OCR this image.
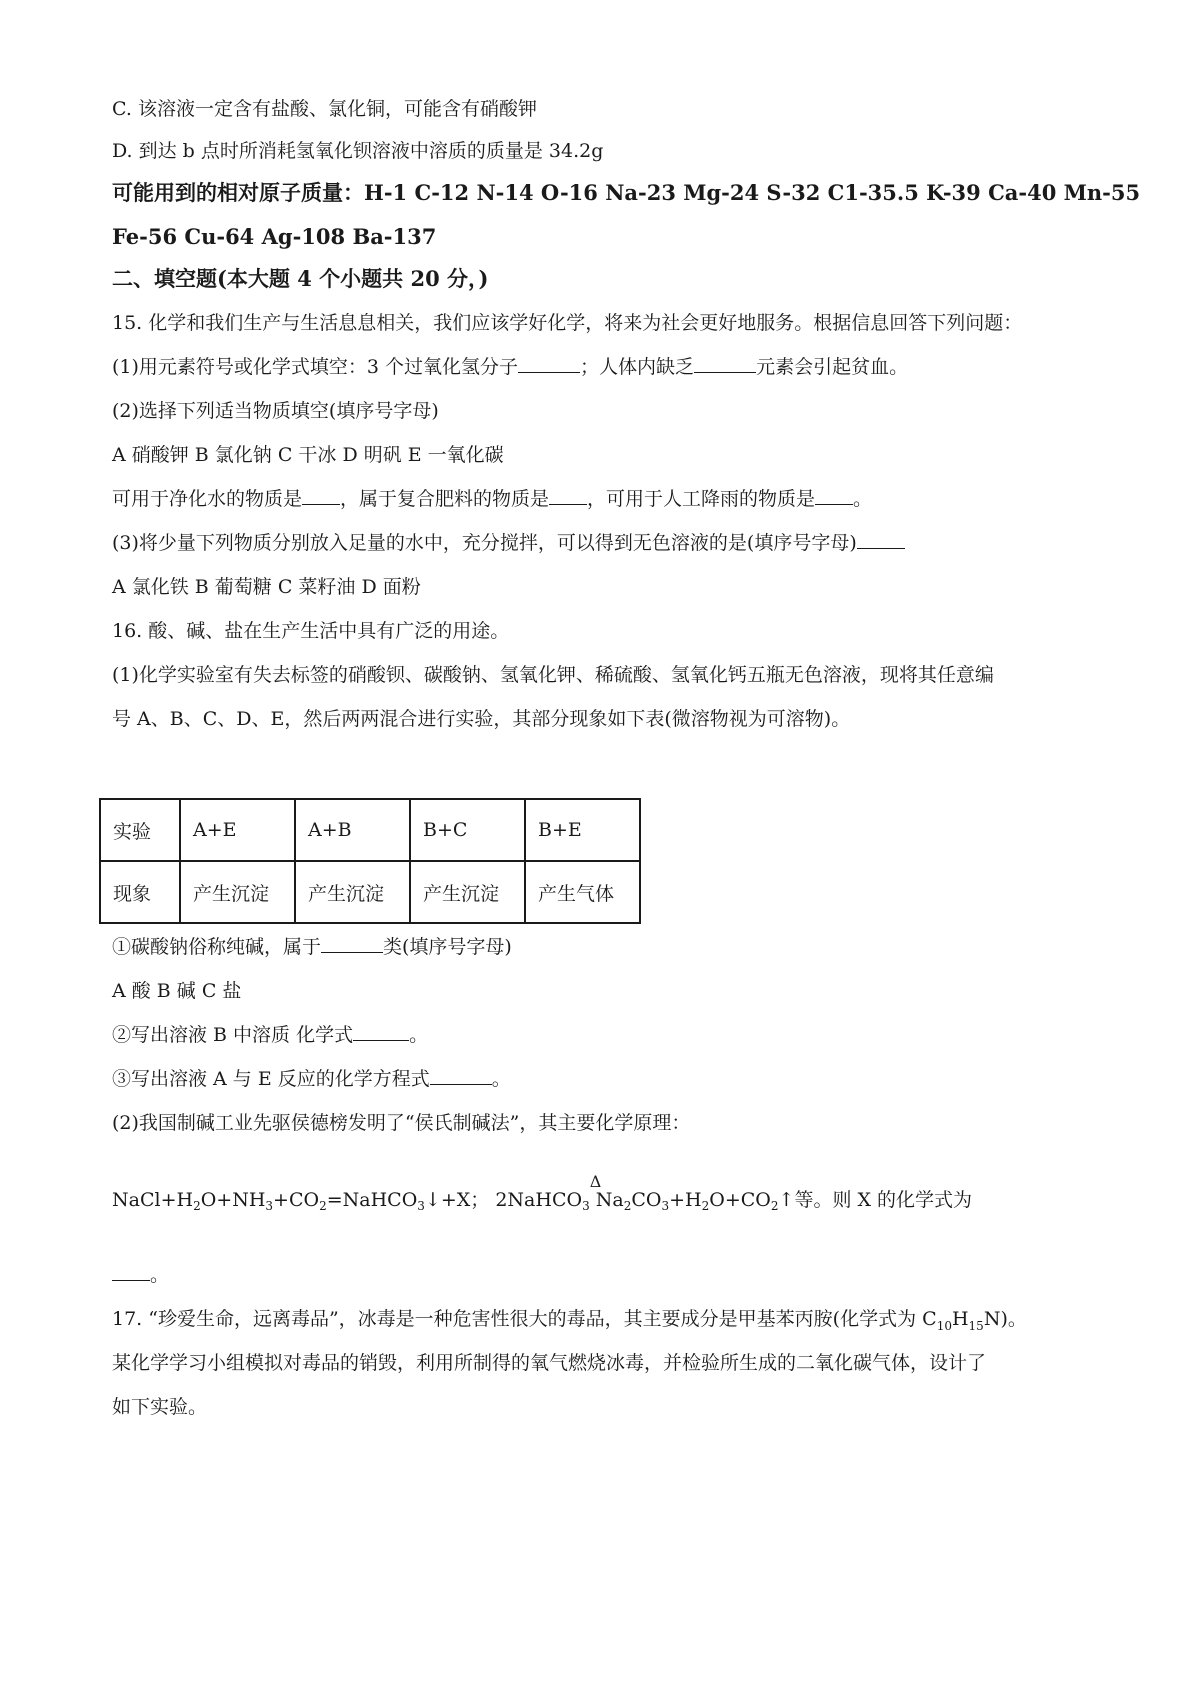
C. 该溶液一定含有盐酸、氯化铜，可能含有硝酸钾
D. 到达 b 点时所消耗氢氧化钡溶液中溶质的质量是 34.2g
可能用到的相对原子质量：H-1 C-12 N-14 O-16 Na-23 Mg-24 S-32 C1-35.5 K-39 Ca-40 Mn-55
Fe-56 Cu-64 Ag-108 Ba-137
二、填空题(本大题 4 个小题共 20 分，)
15. 化学和我们生产与生活息息相关，我们应该学好化学，将来为社会更好地服务。根据信息回答下列问题：
(1)用元素符号或化学式填空：3 个过氧化氢分子	；人体内缺乏	元素会引起贫血。
(2)选择下列适当物质填空(填序号字母)
A 硝酸钾 B 氯化钠 C 干冰 D 明矾 E 一氧化碳
可用于净化水的物质是 ，属于复合肥料的物质是 ，可用于人工降雨的物质是 。
(3)将少量下列物质分别放入足量的水中，充分搅拌，可以得到无色溶液的是(填序号字母)
A 氯化铁 B 葡萄糖 C 菜籽油 D 面粉
16. 酸、碱、盐在生产生活中具有广泛的用途。
(1)化学实验室有失去标签的硝酸钡、碳酸钠、氢氧化钾、稀硫酸、氢氧化钙五瓶无色溶液，现将其任意编
号 A、B、C、D、E，然后两两混合进行实验，其部分现象如下表(微溶物视为可溶物)。
实验	A+E	A+B	B+C	B+E
现象	产生沉淀	产生沉淀	产生沉淀	产生气体
①碳酸钠俗称纯碱，属于	类(填序号字母)
A 酸 B 碱 C 盐
②写出溶液 B 中溶质 化学式	。
③写出溶液 A 与 E 反应的化学方程式	。
(2)我国制碱工业先驱侯德榜发明了“侯氏制碱法”，其主要化学原理：
$NaCl+H_2O+NH_3+CO_2=NaHCO_3↓+X$； 2NaHCO$_3$
Δ
$Na_2CO_3+H_2O+CO_2↑$等。则 X 的化学式为
。
17. “珍爱生命，远离毒品”，冰毒是一种危害性很大的毒品，其主要成分是甲基苯丙胺(化学式为 $C_{10}H_{15}N$)。
某化学学习小组模拟对毒品的销毁，利用所制得的氧气燃烧冰毒，并检验所生成的二氧化碳气体，设计了
如下实验。
